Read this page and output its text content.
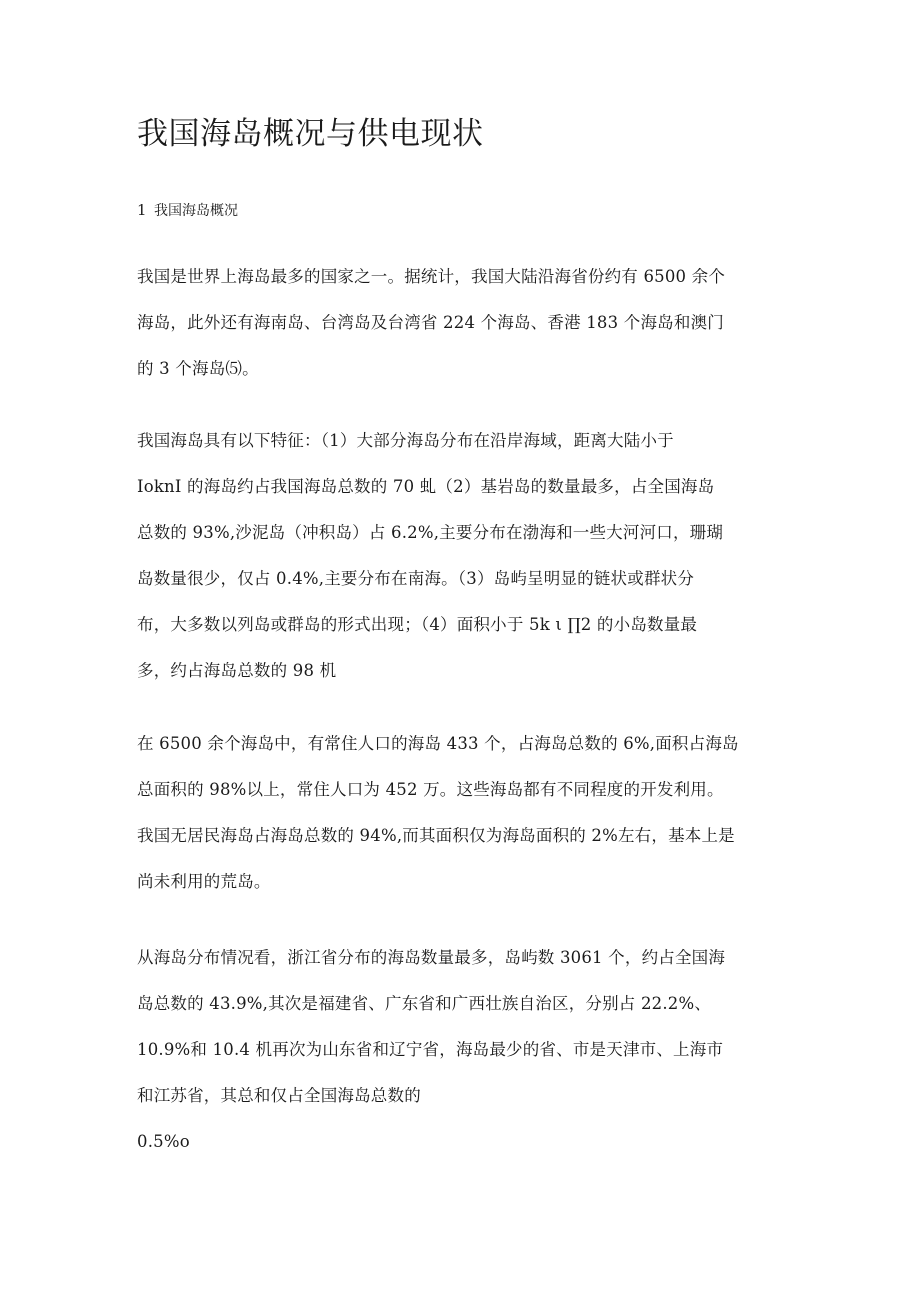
我国海岛概况与供电现状
1 我国海岛概况
我国是世界上海岛最多的国家之一。据统计，我国大陆沿海省份约有 6500 余个
海岛，此外还有海南岛、台湾岛及台湾省 224 个海岛、香港 183 个海岛和澳门
的 3 个海岛⑸。
我国海岛具有以下特征：（1）大部分海岛分布在沿岸海域，距离大陆小于
IoknI 的海岛约占我国海岛总数的 70 虬（2）基岩岛的数量最多，占全国海岛
总数的 93%,沙泥岛（冲积岛）占 6.2%,主要分布在渤海和一些大河河口，珊瑚
岛数量很少，仅占 0.4%,主要分布在南海。（3）岛屿呈明显的链状或群状分
布，大多数以列岛或群岛的形式出现；（4）面积小于 5k ι ∏2 的小岛数量最
多，约占海岛总数的 98 机
在 6500 余个海岛中，有常住人口的海岛 433 个，占海岛总数的 6%,面积占海岛
总面积的 98%以上，常住人口为 452 万。这些海岛都有不同程度的开发利用。
我国无居民海岛占海岛总数的 94%,而其面积仅为海岛面积的 2%左右，基本上是
尚未利用的荒岛。
从海岛分布情况看，浙江省分布的海岛数量最多，岛屿数 3061 个，约占全国海
岛总数的 43.9%,其次是福建省、广东省和广西壮族自治区，分别占 22.2%、
10.9%和 10.4 机再次为山东省和辽宁省，海岛最少的省、市是天津市、上海市
和江苏省，其总和仅占全国海岛总数的
0.5%o
